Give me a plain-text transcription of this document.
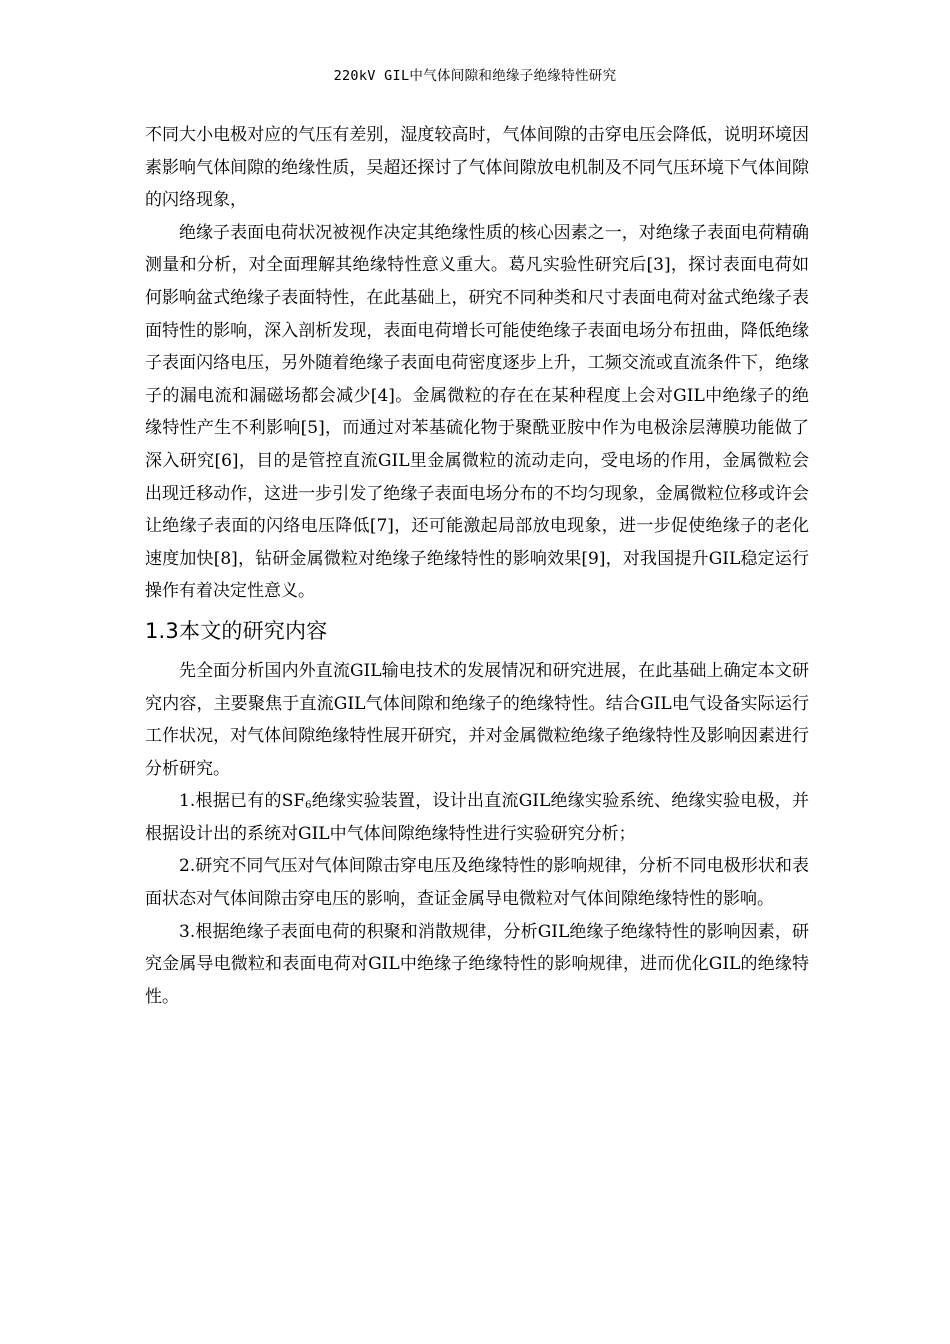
220kV GIL中气体间隙和绝缘子绝缘特性研究

不同大小电极对应的气压有差别，湿度较高时，气体间隙的击穿电压会降低，说明环境因素影响气体间隙的绝缘性质，吴超还探讨了气体间隙放电机制及不同气压环境下气体间隙的闪络现象，

绝缘子表面电荷状况被视作决定其绝缘性质的核心因素之一，对绝缘子表面电荷精确测量和分析，对全面理解其绝缘特性意义重大。葛凡实验性研究后[3]，探讨表面电荷如何影响盆式绝缘子表面特性，在此基础上，研究不同种类和尺寸表面电荷对盆式绝缘子表面特性的影响，深入剖析发现，表面电荷增长可能使绝缘子表面电场分布扭曲，降低绝缘子表面闪络电压，另外随着绝缘子表面电荷密度逐步上升，工频交流或直流条件下，绝缘子的漏电流和漏磁场都会减少[4]。金属微粒的存在在某种程度上会对GIL中绝缘子的绝缘特性产生不利影响[5]，而通过对苯基硫化物于聚酰亚胺中作为电极涂层薄膜功能做了深入研究[6]，目的是管控直流GIL里金属微粒的流动走向，受电场的作用，金属微粒会出现迁移动作，这进一步引发了绝缘子表面电场分布的不均匀现象，金属微粒位移或许会让绝缘子表面的闪络电压降低[7]，还可能激起局部放电现象，进一步促使绝缘子的老化速度加快[8]，钻研金属微粒对绝缘子绝缘特性的影响效果[9]，对我国提升GIL稳定运行操作有着决定性意义。

1.3本文的研究内容

先全面分析国内外直流GIL输电技术的发展情况和研究进展，在此基础上确定本文研究内容，主要聚焦于直流GIL气体间隙和绝缘子的绝缘特性。结合GIL电气设备实际运行工作状况，对气体间隙绝缘特性展开研究，并对金属微粒绝缘子绝缘特性及影响因素进行分析研究。

1.根据已有的$SF_6$绝缘实验装置，设计出直流GIL绝缘实验系统、绝缘实验电极，并根据设计出的系统对GIL中气体间隙绝缘特性进行实验研究分析；

2.研究不同气压对气体间隙击穿电压及绝缘特性的影响规律，分析不同电极形状和表面状态对气体间隙击穿电压的影响，查证金属导电微粒对气体间隙绝缘特性的影响。

3.根据绝缘子表面电荷的积聚和消散规律，分析GIL绝缘子绝缘特性的影响因素，研究金属导电微粒和表面电荷对GIL中绝缘子绝缘特性的影响规律，进而优化GIL的绝缘特性。
